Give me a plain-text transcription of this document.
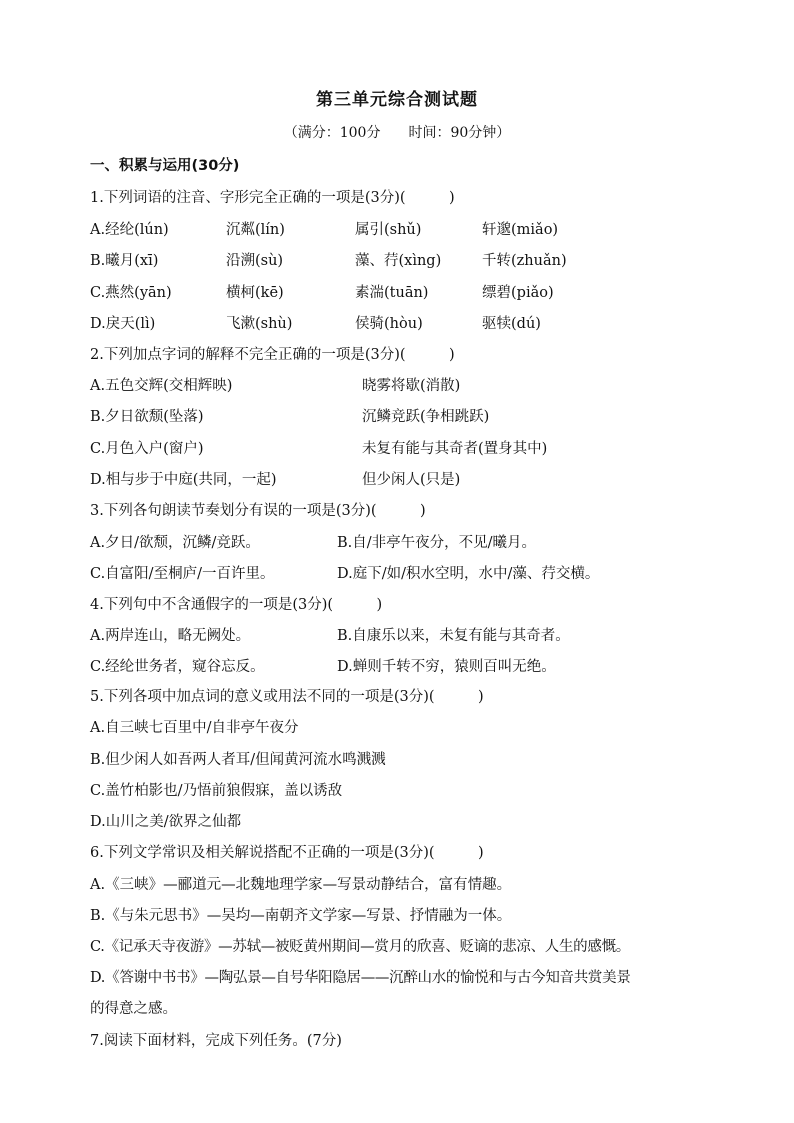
第三单元综合测试题
（满分：100分 时间：90分钟）
一、积累与运用(30分)
1.下列词语的注音、字形完全正确的一项是(3分)(　　　)
A.经纶(lún)	沉粼(lín)	属引(shǔ)	轩邈(miǎo)
B.曦月(xī)	沿溯(sù)	藻、荇(xìng)	千转(zhuǎn)
C.燕然(yān)	横柯(kē)	素湍(tuān)	缥碧(piǎo)
D.戾天(lì)	飞漱(shù)	侯骑(hòu)	驱犊(dú)
2.下列加点字词的解释不完全正确的一项是(3分)(　　　)
A.五色交辉(交相辉映)	晓雾将歇(消散)
B.夕日欲颓(坠落)	沉鳞竞跃(争相跳跃)
C.月色入户(窗户)	未复有能与其奇者(置身其中)
D.相与步于中庭(共同，一起)	但少闲人(只是)
3.下列各句朗读节奏划分有误的一项是(3分)(　　　)
A.夕日/欲颓，沉鳞/竞跃。	B.自/非亭午夜分，不见/曦月。
C.自富阳/至桐庐/一百许里。	D.庭下/如/积水空明，水中/藻、荇交横。
4.下列句中不含通假字的一项是(3分)(　　　)
A.两岸连山，略无阙处。	B.自康乐以来，未复有能与其奇者。
C.经纶世务者，窥谷忘反。	D.蝉则千转不穷，猿则百叫无绝。
5.下列各项中加点词的意义或用法不同的一项是(3分)(　　　)
A.自三峡七百里中/自非亭午夜分
B.但少闲人如吾两人者耳/但闻黄河流水鸣溅溅
C.盖竹柏影也/乃悟前狼假寐，盖以诱敌
D.山川之美/欲界之仙都
6.下列文学常识及相关解说搭配不正确的一项是(3分)(　　　)
A.《三峡》—郦道元—北魏地理学家—写景动静结合，富有情趣。
B.《与朱元思书》—吴均—南朝齐文学家—写景、抒情融为一体。
C.《记承天寺夜游》—苏轼—被贬黄州期间—赏月的欣喜、贬谪的悲凉、人生的感慨。
D.《答谢中书书》—陶弘景—自号华阳隐居——沉醉山水的愉悦和与古今知音共赏美景
的得意之感。
7.阅读下面材料，完成下列任务。(7分)
